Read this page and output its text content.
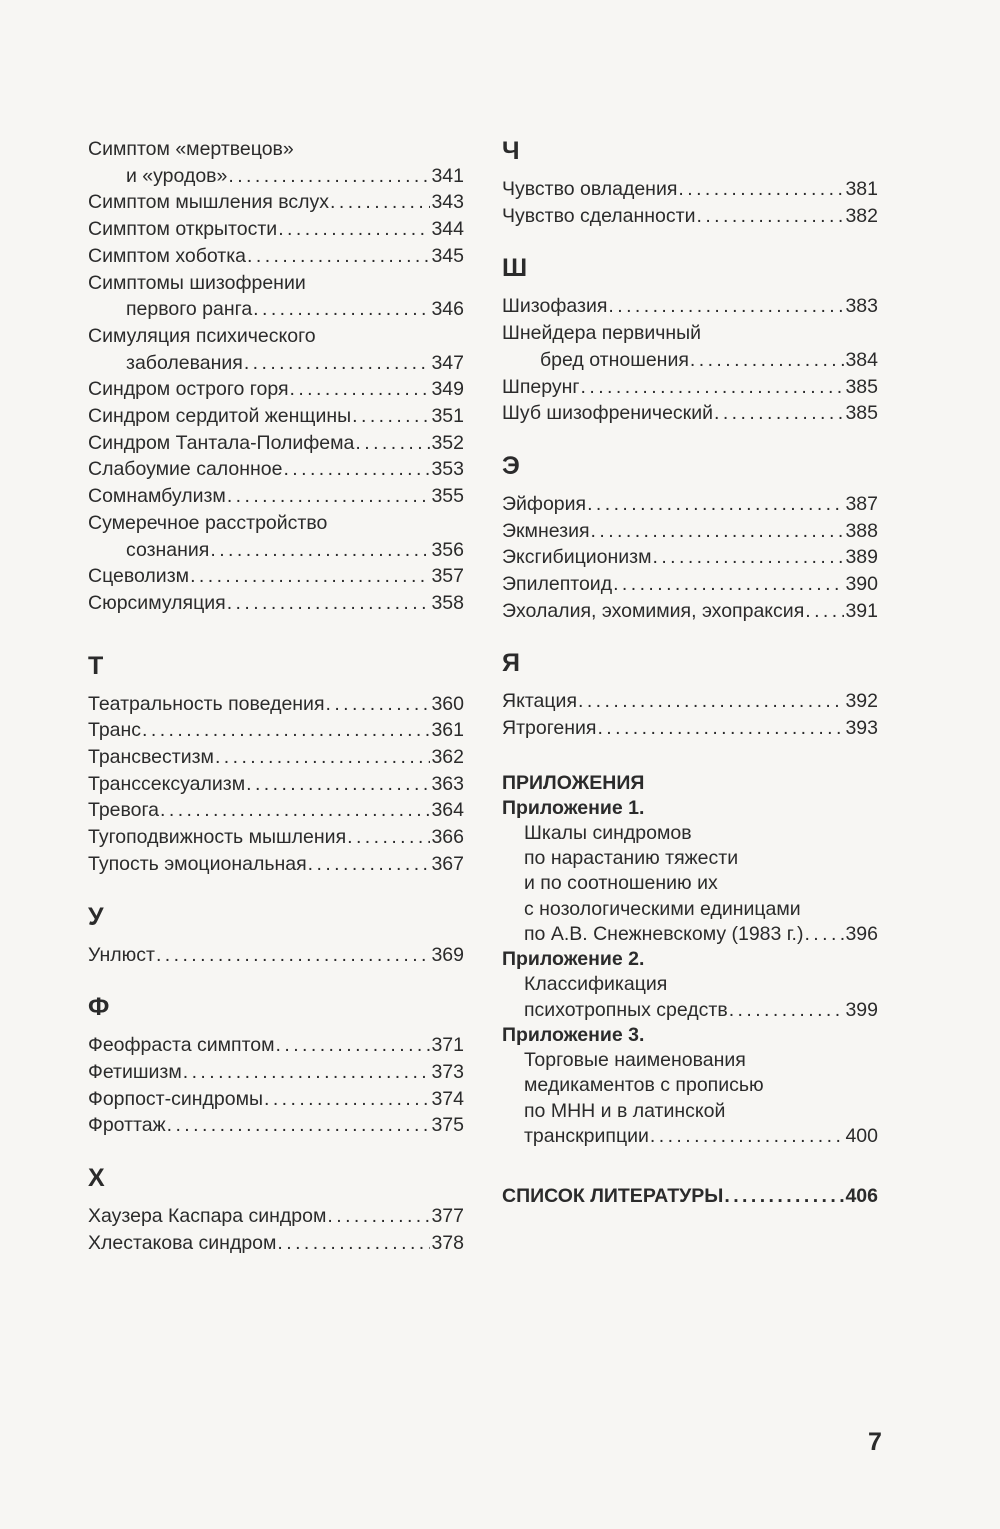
Симптом «мертвецов»
и «уродов» . . .	341
Симптом мышления вслух . . .	343
Симптом открытости . . .	344
Симптом хоботка . . .	345
Симптомы шизофрении
первого ранга . . .	346
Симуляция психического
заболевания . . .	347
Синдром острого горя . . .	349
Синдром сердитой женщины . . .	351
Синдром Тантала-Полифема . . .	352
Слабоумие салонное . . .	353
Сомнамбулизм . . .	355
Сумеречное расстройство
сознания . . .	356
Сцеволизм . . .	357
Сюрсимуляция . . .	358
Т
Театральность поведения . . .	360
Транс . . .	361
Трансвестизм . . .	362
Транссексуализм . . .	363
Тревога . . .	364
Тугоподвижность мышления . . .	366
Тупость эмоциональная . . .	367
У
Унлюст . . .	369
Ф
Феофраста симптом . . .	371
Фетишизм . . .	373
Форпост-синдромы . . .	374
Фроттаж . . .	375
Х
Хаузера Каспара синдром . . .	377
Хлестакова синдром . . .	378
Ч
Чувство овладения . . .	381
Чувство сделанности . . .	382
Ш
Шизофазия . . .	383
Шнейдера первичный
бред отношения . . .	384
Шперунг . . .	385
Шуб шизофренический . . .	385
Э
Эйфория . . .	387
Экмнезия . . .	388
Эксгибиционизм . . .	389
Эпилептоид . . .	390
Эхолалия, эхомимия, эхопраксия . . . 391
Я
Яктация . . .	392
Ятрогения . . .	393
ПРИЛОЖЕНИЯ
Приложение 1.
Шкалы синдромов
по нарастанию тяжести
и по соотношению их
с нозологическими единицами
по А.В. Снежневскому (1983 г.) . . . 396
Приложение 2.
Классификация
психотропных средств . . .	399
Приложение 3.
Торговые наименования
медикаментов с прописью
по МНН и в латинской
транскрипции . . .	400
СПИСОК ЛИТЕРАТУРЫ . . .	406
7
